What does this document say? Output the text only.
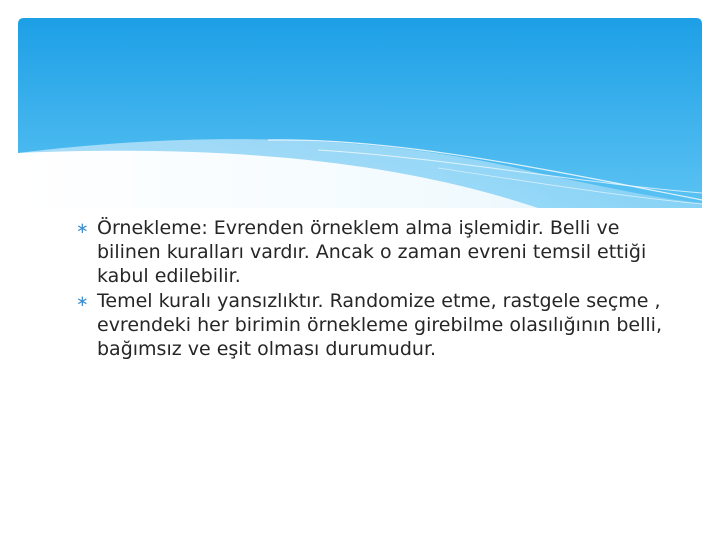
∗ Örnekleme: Evrenden örneklem alma işlemidir. Belli ve bilinen kuralları vardır. Ancak o zaman evreni temsil ettiği kabul edilebilir.
∗ Temel kuralı yansızlıktır. Randomize etme, rastgele seçme , evrendeki her birimin örnekleme girebilme olasılığının belli, bağımsız ve eşit olması durumudur.
